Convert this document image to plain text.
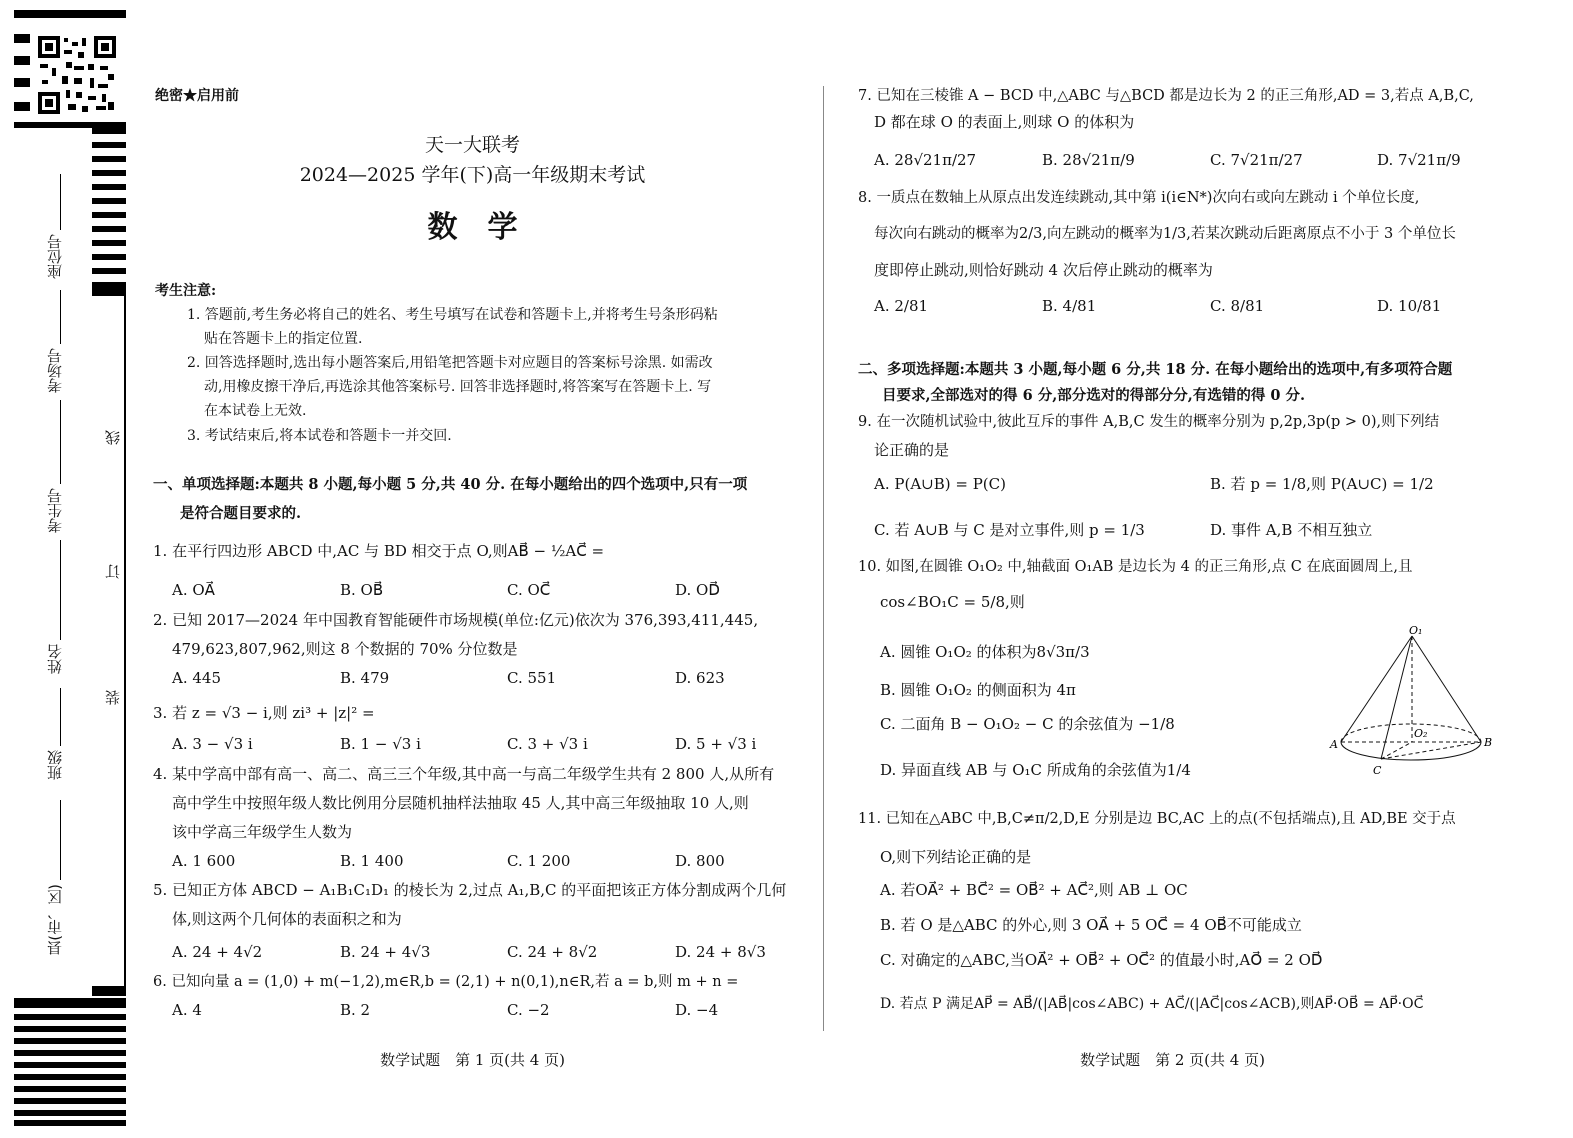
座位号
考场号
考生号
姓名
班级
县(市、区)
线
订
装
绝密★启用前
天一大联考
2024—2025 学年(下)高一年级期末考试
数　学
考生注意:
1. 答题前,考生务必将自己的姓名、考生号填写在试卷和答题卡上,并将考生号条形码粘
贴在答题卡上的指定位置.
2. 回答选择题时,选出每小题答案后,用铅笔把答题卡对应题目的答案标号涂黑. 如需改
动,用橡皮擦干净后,再选涂其他答案标号. 回答非选择题时,将答案写在答题卡上. 写
在本试卷上无效.
3. 考试结束后,将本试卷和答题卡一并交回.
一、单项选择题:本题共 8 小题,每小题 5 分,共 40 分. 在每小题给出的四个选项中,只有一项
是符合题目要求的.
1. 在平行四边形 ABCD 中,AC 与 BD 相交于点 O,则AB⃗ − ½AC⃗ =
A. OA⃗	B. OB⃗	C. OC⃗	D. OD⃗
2. 已知 2017—2024 年中国教育智能硬件市场规模(单位:亿元)依次为 376,393,411,445,
479,623,807,962,则这 8 个数据的 70% 分位数是
A. 445	B. 479	C. 551	D. 623
3. 若 z = √3 − i,则 zi³ + |z|² =
A. 3 − √3 i	B. 1 − √3 i	C. 3 + √3 i	D. 5 + √3 i
4. 某中学高中部有高一、高二、高三三个年级,其中高一与高二年级学生共有 2 800 人,从所有
高中学生中按照年级人数比例用分层随机抽样法抽取 45 人,其中高三年级抽取 10 人,则
该中学高三年级学生人数为
A. 1 600	B. 1 400	C. 1 200	D. 800
5. 已知正方体 ABCD − A₁B₁C₁D₁ 的棱长为 2,过点 A₁,B,C 的平面把该正方体分割成两个几何
体,则这两个几何体的表面积之和为
A. 24 + 4√2	B. 24 + 4√3	C. 24 + 8√2	D. 24 + 8√3
6. 已知向量 a = (1,0) + m(−1,2),m∈R,b = (2,1) + n(0,1),n∈R,若 a = b,则 m + n =
A. 4	B. 2	C. −2	D. −4
7. 已知在三棱锥 A − BCD 中,△ABC 与△BCD 都是边长为 2 的正三角形,AD = 3,若点 A,B,C,
D 都在球 O 的表面上,则球 O 的体积为
A. 28√21π/27	B. 28√21π/9	C. 7√21π/27	D. 7√21π/9
8. 一质点在数轴上从原点出发连续跳动,其中第 i(i∈N*)次向右或向左跳动 i 个单位长度,
每次向右跳动的概率为2/3,向左跳动的概率为1/3,若某次跳动后距离原点不小于 3 个单位长
度即停止跳动,则恰好跳动 4 次后停止跳动的概率为
A. 2/81	B. 4/81	C. 8/81	D. 10/81
二、多项选择题:本题共 3 小题,每小题 6 分,共 18 分. 在每小题给出的选项中,有多项符合题
目要求,全部选对的得 6 分,部分选对的得部分分,有选错的得 0 分.
9. 在一次随机试验中,彼此互斥的事件 A,B,C 发生的概率分别为 p,2p,3p(p > 0),则下列结
论正确的是
A. P(A∪B) = P(C)	B. 若 p = 1/8,则 P(A∪C) = 1/2
C. 若 A∪B 与 C 是对立事件,则 p = 1/3	D. 事件 A,B 不相互独立
10. 如图,在圆锥 O₁O₂ 中,轴截面 O₁AB 是边长为 4 的正三角形,点 C 在底面圆周上,且
cos∠BO₁C = 5/8,则
A. 圆锥 O₁O₂ 的体积为8√3π/3
B. 圆锥 O₁O₂ 的侧面积为 4π
C. 二面角 B − O₁O₂ − C 的余弦值为 −1/8
D. 异面直线 AB 与 O₁C 所成角的余弦值为1/4
O₁
O₂
A	B
C
11. 已知在△ABC 中,B,C≠π/2,D,E 分别是边 BC,AC 上的点(不包括端点),且 AD,BE 交于点
O,则下列结论正确的是
A. 若OA⃗² + BC⃗² = OB⃗² + AC⃗²,则 AB ⊥ OC
B. 若 O 是△ABC 的外心,则 3 OA⃗ + 5 OC⃗ = 4 OB⃗不可能成立
C. 对确定的△ABC,当OA⃗² + OB⃗² + OC⃗² 的值最小时,AO⃗ = 2 OD⃗
D. 若点 P 满足AP⃗ = AB⃗/(|AB⃗|cos∠ABC) + AC⃗/(|AC⃗|cos∠ACB),则AP⃗·OB⃗ = AP⃗·OC⃗
数学试题　第 1 页(共 4 页)	数学试题　第 2 页(共 4 页)
